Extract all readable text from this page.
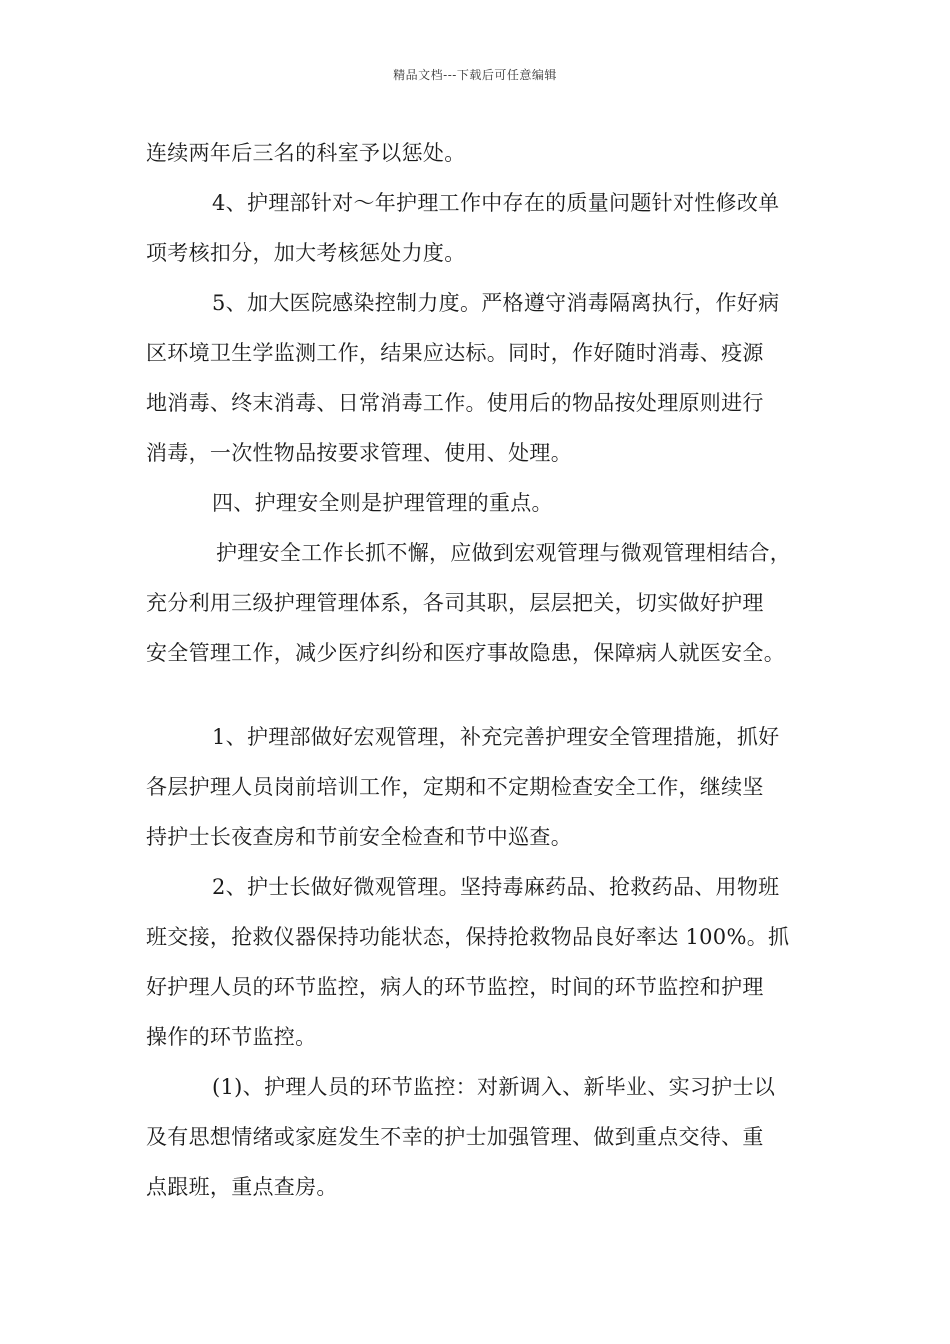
精品文档---下载后可任意编辑
连续两年后三名的科室予以惩处。
4、护理部针对～年护理工作中存在的质量问题针对性修改单
项考核扣分，加大考核惩处力度。
5、加大医院感染控制力度。严格遵守消毒隔离执行，作好病
区环境卫生学监测工作，结果应达标。同时，作好随时消毒、疫源
地消毒、终末消毒、日常消毒工作。使用后的物品按处理原则进行
消毒，一次性物品按要求管理、使用、处理。
四、护理安全则是护理管理的重点。
护理安全工作长抓不懈，应做到宏观管理与微观管理相结合，
充分利用三级护理管理体系，各司其职，层层把关，切实做好护理
安全管理工作，减少医疗纠纷和医疗事故隐患，保障病人就医安全。
1、护理部做好宏观管理，补充完善护理安全管理措施，抓好
各层护理人员岗前培训工作，定期和不定期检查安全工作，继续坚
持护士长夜查房和节前安全检查和节中巡查。
2、护士长做好微观管理。坚持毒麻药品、抢救药品、用物班
班交接，抢救仪器保持功能状态，保持抢救物品良好率达 100%。抓
好护理人员的环节监控，病人的环节监控，时间的环节监控和护理
操作的环节监控。
(1)、护理人员的环节监控：对新调入、新毕业、实习护士以
及有思想情绪或家庭发生不幸的护士加强管理、做到重点交待、重
点跟班，重点查房。
